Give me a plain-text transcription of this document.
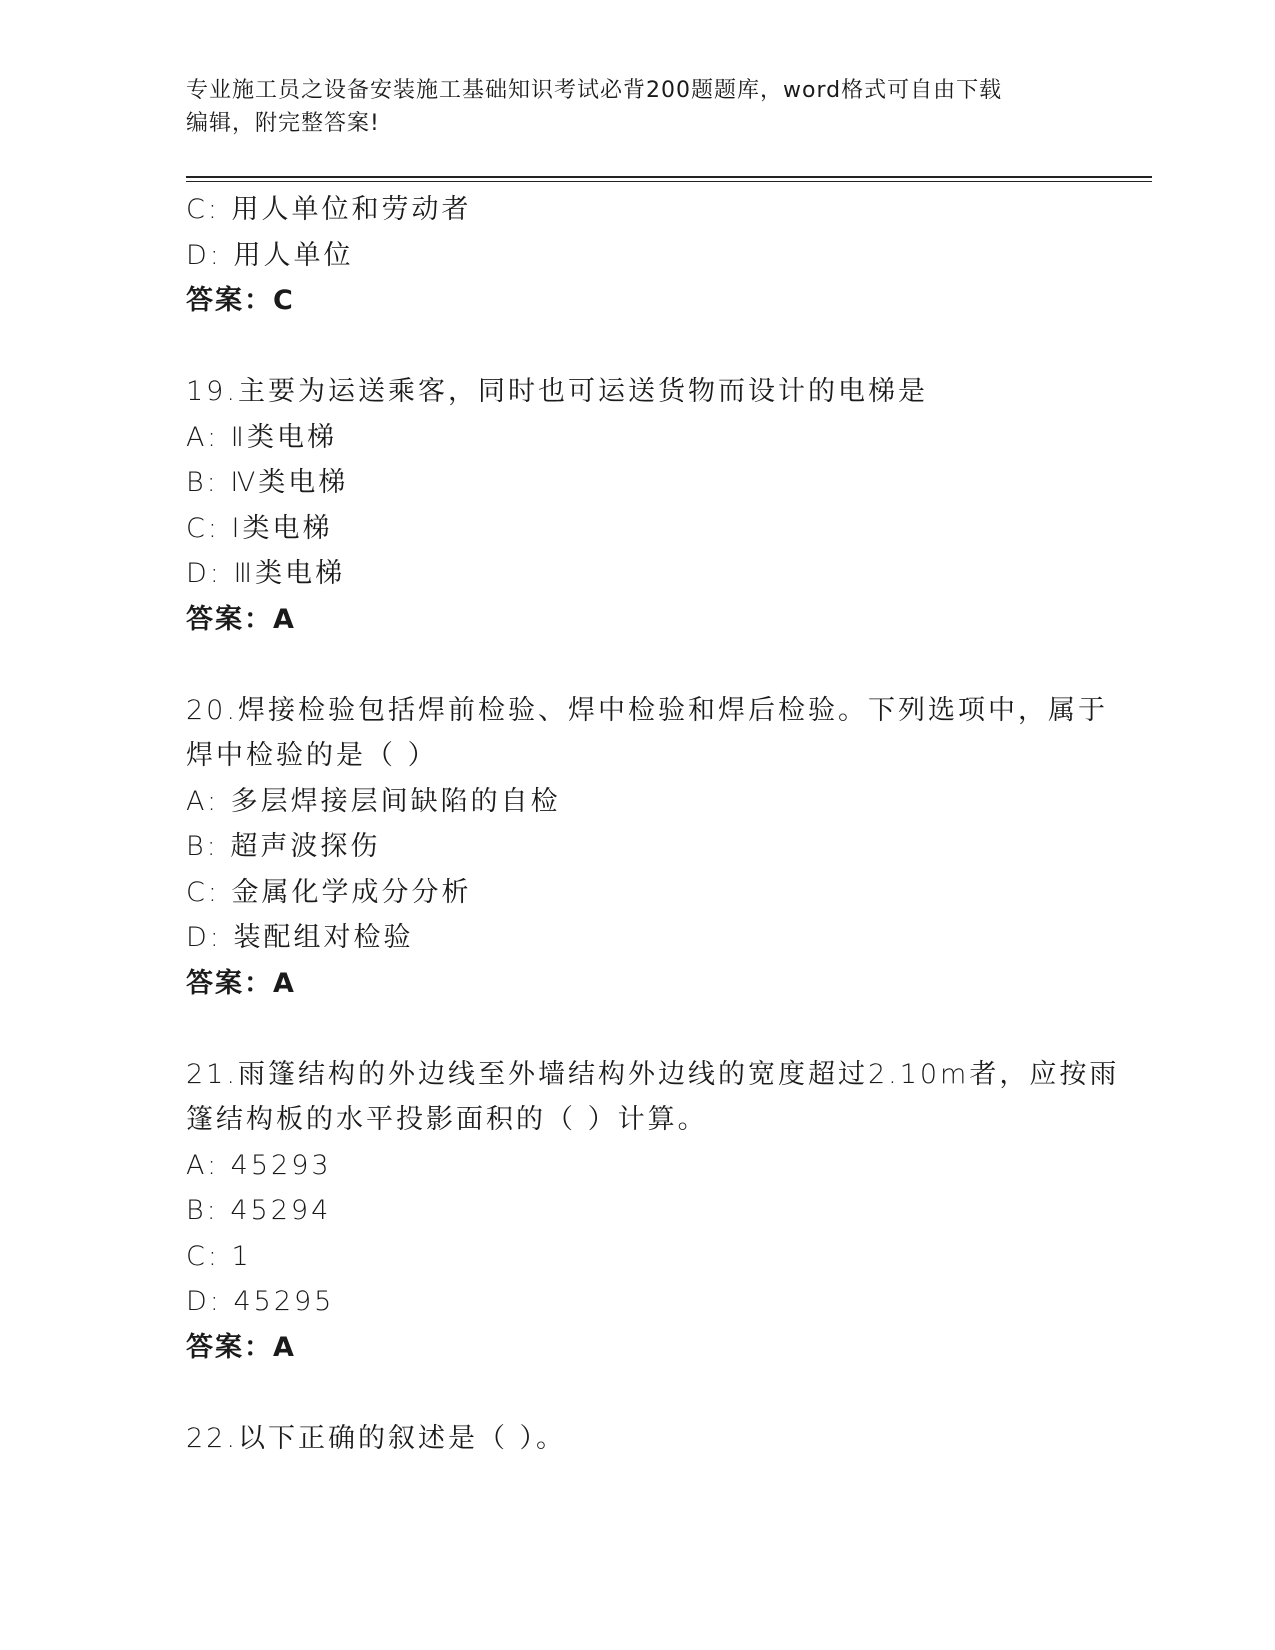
专业施工员之设备安装施工基础知识考试必背200题题库，word格式可自由下载
编辑，附完整答案!
C: 用人单位和劳动者
D: 用人单位
答案：C
19.主要为运送乘客，同时也可运送货物而设计的电梯是
A: Ⅱ类电梯
B: Ⅳ类电梯
C: Ⅰ类电梯
D: Ⅲ类电梯
答案：A
20.焊接检验包括焊前检验、焊中检验和焊后检验。下列选项中，属于
焊中检验的是（ ）
A: 多层焊接层间缺陷的自检
B: 超声波探伤
C: 金属化学成分分析
D: 装配组对检验
答案：A
21.雨篷结构的外边线至外墙结构外边线的宽度超过2.10m者，应按雨
篷结构板的水平投影面积的（ ）计算。
A: 45293
B: 45294
C: 1
D: 45295
答案：A
22.以下正确的叙述是（ ）。
